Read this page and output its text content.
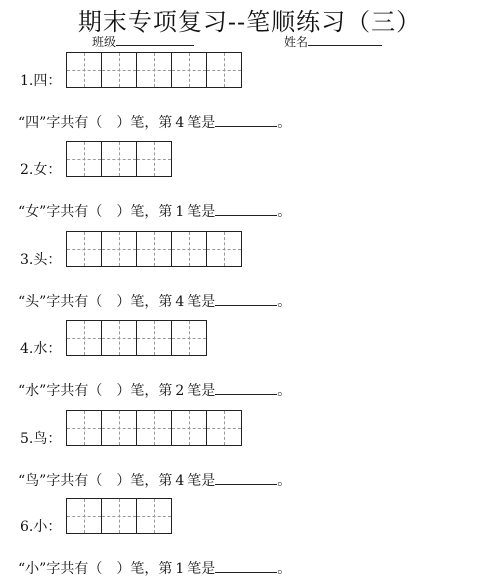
期末专项复习--笔顺练习（三）
班级	姓名
1.四：
“四”字共有（　）笔，第 4 笔是	。
2.女：
“女”字共有（　）笔，第 1 笔是	。
3.头：
“头”字共有（　）笔，第 4 笔是	。
4.水：
“水”字共有（　）笔，第 2 笔是	。
5.鸟：
“鸟”字共有（　）笔，第 4 笔是	。
6.小：
“小”字共有（　）笔，第 1 笔是	。
